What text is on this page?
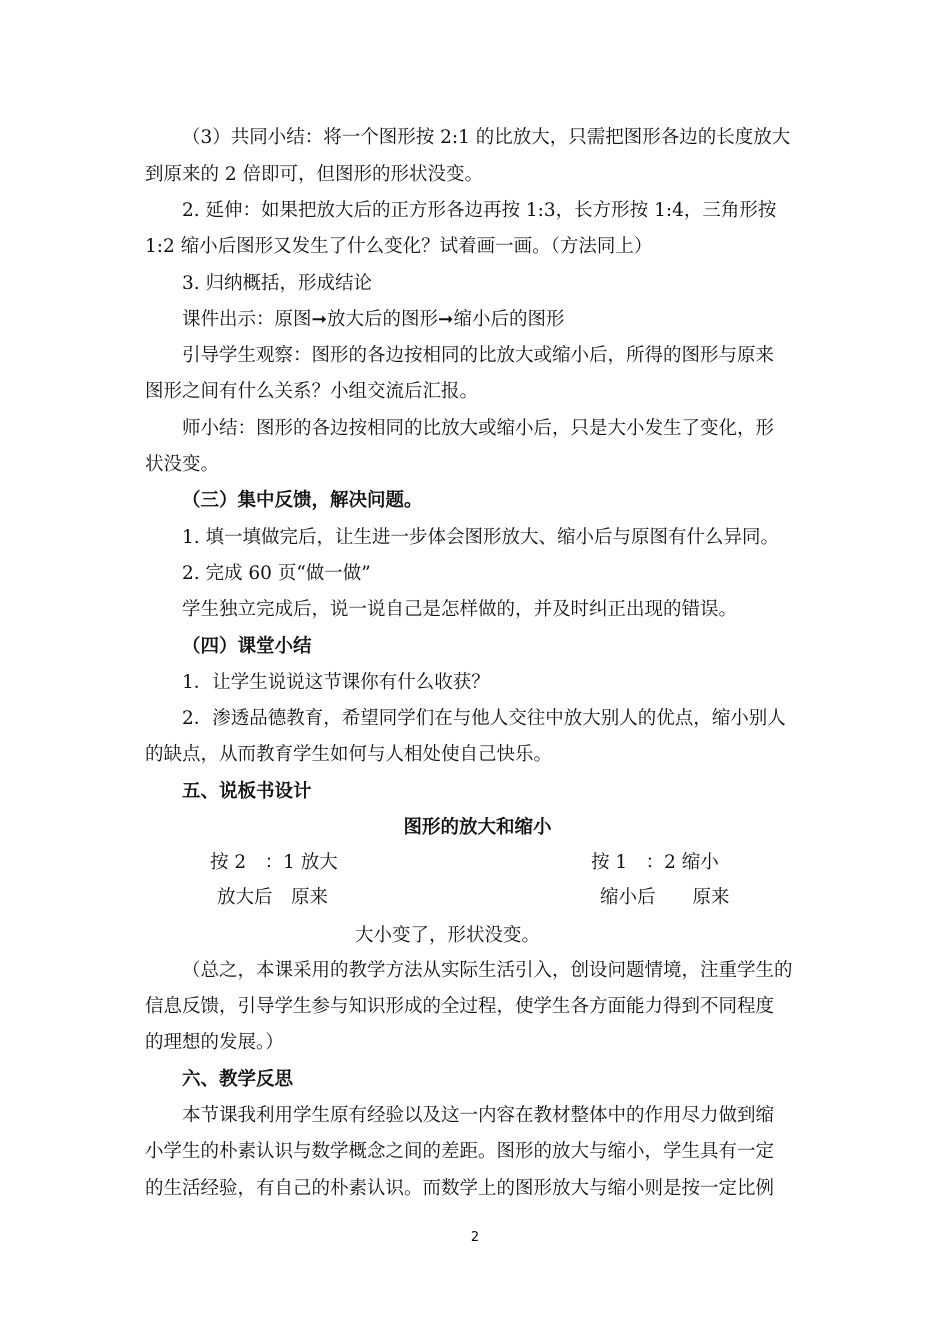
（3）共同小结：将一个图形按 2:1 的比放大，只需把图形各边的长度放大
到原来的 2 倍即可，但图形的形状没变。
2. 延伸：如果把放大后的正方形各边再按 1:3，长方形按 1:4，三角形按
1:2 缩小后图形又发生了什么变化？试着画一画。（方法同上）
3. 归纳概括，形成结论
课件出示：原图➞放大后的图形➞缩小后的图形
引导学生观察：图形的各边按相同的比放大或缩小后，所得的图形与原来
图形之间有什么关系？小组交流后汇报。
师小结：图形的各边按相同的比放大或缩小后，只是大小发生了变化，形
状没变。
（三）集中反馈，解决问题。
1. 填一填做完后，让生进一步体会图形放大、缩小后与原图有什么异同。
2. 完成 60 页“做一做”
学生独立完成后，说一说自己是怎样做的，并及时纠正出现的错误。
（四）课堂小结
1．让学生说说这节课你有什么收获？
2．渗透品德教育，希望同学们在与他人交往中放大别人的优点，缩小别人
的缺点，从而教育学生如何与人相处使自己快乐。
五、说板书设计
图形的放大和缩小
按 2　：1 放大	按 1　：2 缩小
放大后　原来	缩小后　　原来
大小变了，形状没变。
（总之，本课采用的教学方法从实际生活引入，创设问题情境，注重学生的
信息反馈，引导学生参与知识形成的全过程，使学生各方面能力得到不同程度
的理想的发展。）
六、教学反思
本节课我利用学生原有经验以及这一内容在教材整体中的作用尽力做到缩
小学生的朴素认识与数学概念之间的差距。图形的放大与缩小，学生具有一定
的生活经验，有自己的朴素认识。而数学上的图形放大与缩小则是按一定比例
2
